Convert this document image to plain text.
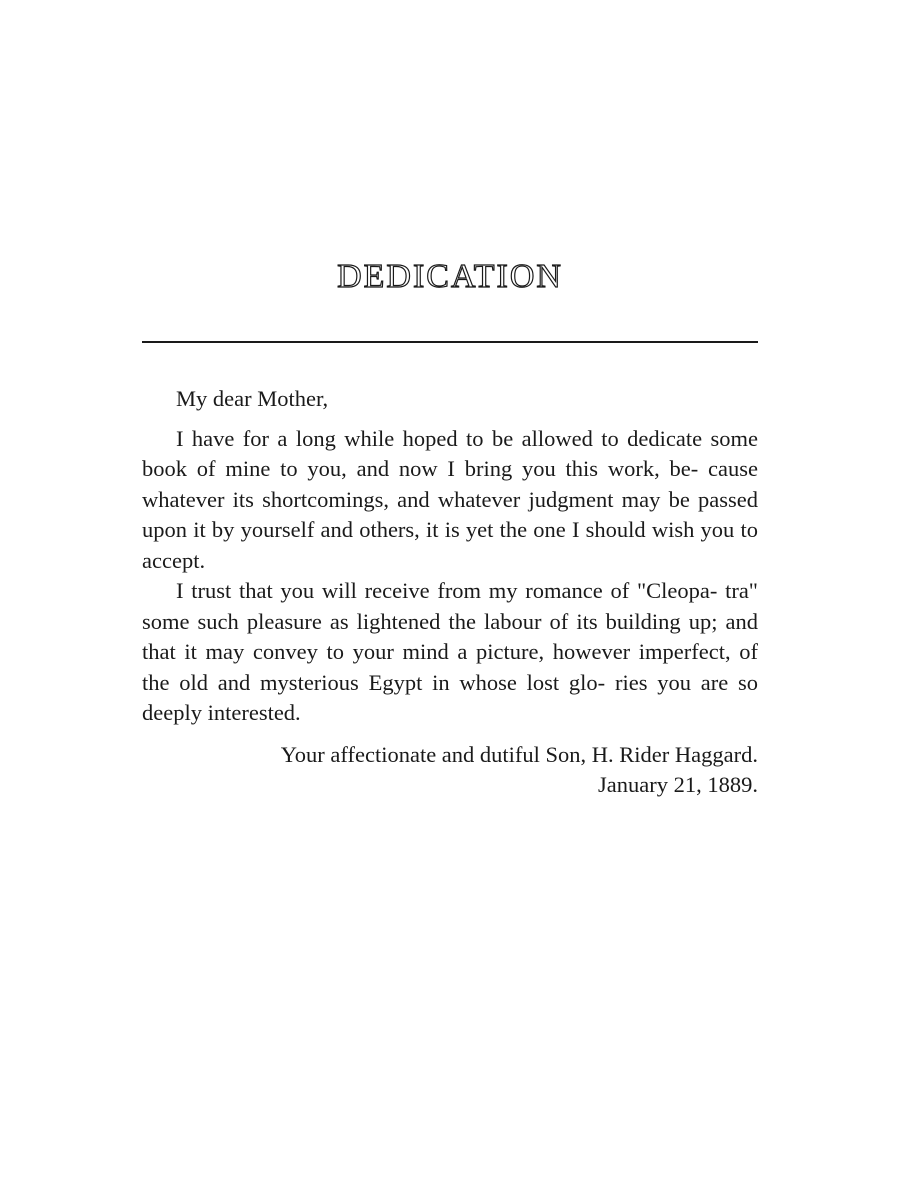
DEDICATION

My dear Mother,

I have for a long while hoped to be allowed to dedicate some book of mine to you, and now I bring you this work, be- cause whatever its shortcomings, and whatever judgment may be passed upon it by yourself and others, it is yet the one I should wish you to accept.

I trust that you will receive from my romance of "Cleopa- tra" some such pleasure as lightened the labour of its building up; and that it may convey to your mind a picture, however imperfect, of the old and mysterious Egypt in whose lost glo- ries you are so deeply interested.

Your affectionate and dutiful Son, H. Rider Haggard.

January 21, 1889.
